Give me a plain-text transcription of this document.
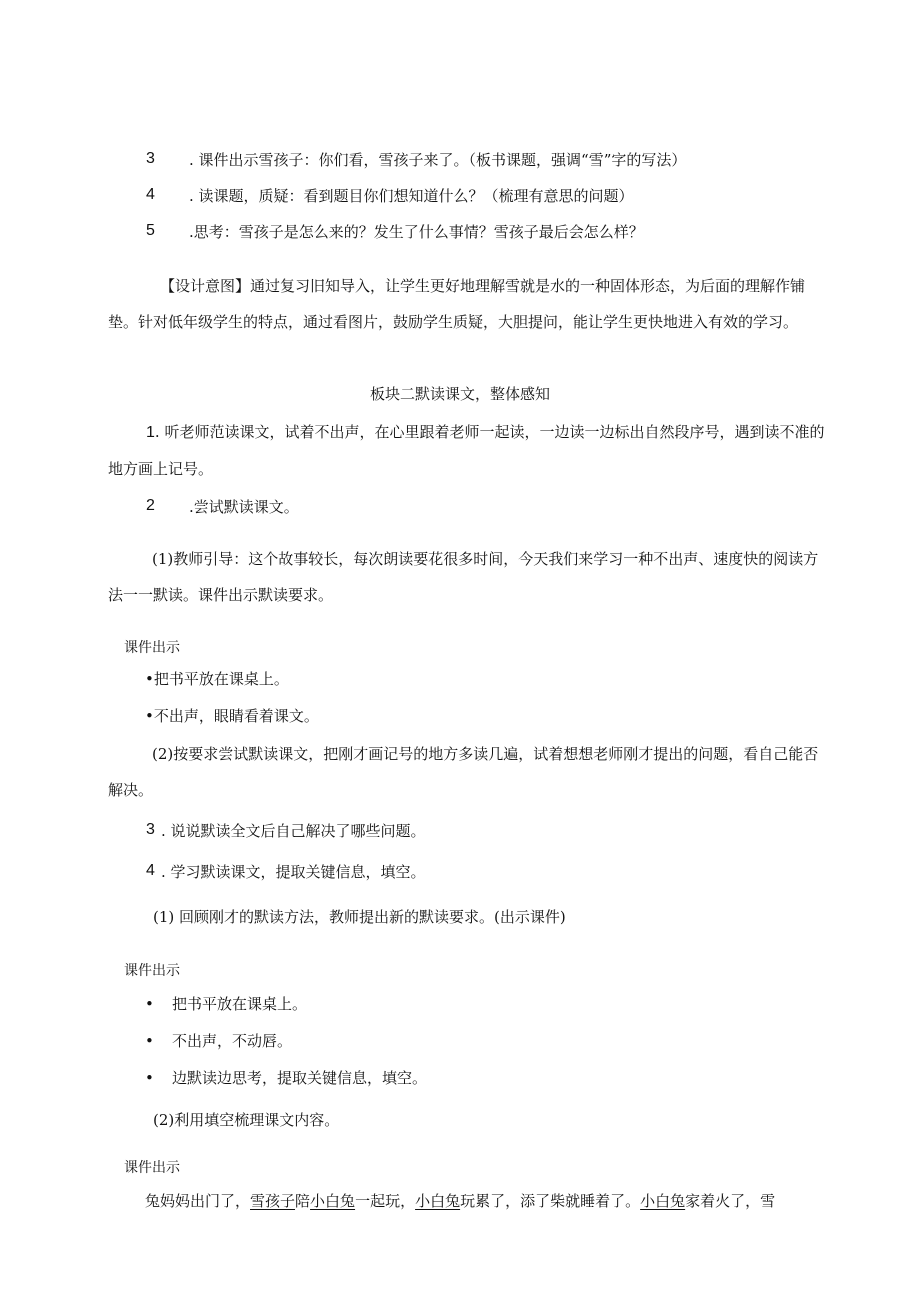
3 . 课件出示雪孩子：你们看，雪孩子来了。（板书课题，强调“雪”字的写法）
4 . 读课题，质疑：看到题目你们想知道什么？（梳理有意思的问题）
5 .思考：雪孩子是怎么来的？发生了什么事情？雪孩子最后会怎么样？
【设计意图】通过复习旧知导入，让学生更好地理解雪就是水的一种固体形态，为后面的理解作铺垫。针对低年级学生的特点，通过看图片，鼓励学生质疑，大胆提问，能让学生更快地进入有效的学习。
板块二默读课文，整体感知
1. 听老师范读课文，试着不出声，在心里跟着老师一起读，一边读一边标出自然段序号，遇到读不准的地方画上记号。
2 .尝试默读课文。
(1)教师引导：这个故事较长，每次朗读要花很多时间，今天我们来学习一种不出声、速度快的阅读方法一一默读。课件出示默读要求。
课件出示
•把书平放在课桌上。
•不出声，眼睛看着课文。
(2)按要求尝试默读课文，把刚才画记号的地方多读几遍，试着想想老师刚才提出的问题，看自己能否解决。
3 . 说说默读全文后自己解决了哪些问题。
4 . 学习默读课文，提取关键信息，填空。
(1) 回顾刚才的默读方法，教师提出新的默读要求。(出示课件)
课件出示
• 把书平放在课桌上。
• 不出声，不动唇。
• 边默读边思考，提取关键信息，填空。
(2)利用填空梳理课文内容。
课件出示
兔妈妈出门了，雪孩子陪小白兔一起玩，小白兔玩累了，添了柴就睡着了。小白兔家着火了，雪
